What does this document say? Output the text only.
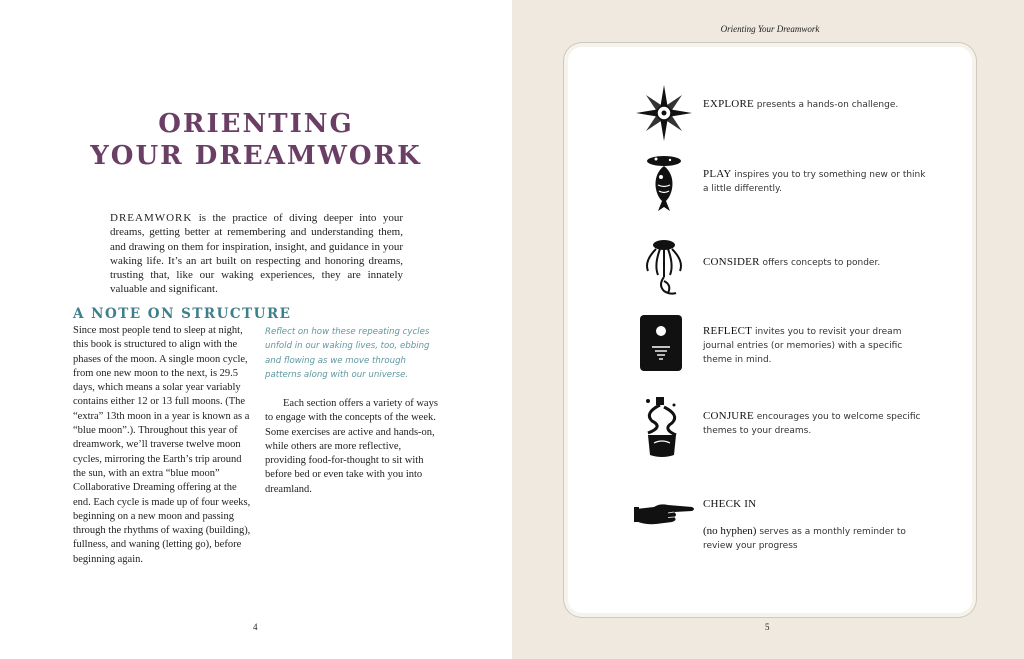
ORIENTING
YOUR DREAMWORK

DREAMWORK is the practice of diving deeper into your dreams, getting better at remembering and understanding them, and drawing on them for inspiration, insight, and guidance in your waking life. It’s an art built on respecting and honoring dreams, trusting that, like our waking experiences, they are innately valuable and significant.

A NOTE ON STRUCTURE

Since most people tend to sleep at night, this book is structured to align with the phases of the moon. A single moon cycle, from one new moon to the next, is 29.5 days, which means a solar year variably contains either 12 or 13 full moons. (The “extra” 13th moon in a year is known as a “blue moon”.). Throughout this year of dreamwork, we’ll traverse twelve moon cycles, mirroring the Earth’s trip around the sun, with an extra “blue moon” Collaborative Dreaming offering at the end. Each cycle is made up of four weeks, beginning on a new moon and passing through the rhythms of waxing (building), fullness, and waning (letting go), before beginning again.

Reflect on how these repeating cycles unfold in our waking lives, too, ebbing and flowing as we move through patterns along with our universe.

Each section offers a variety of ways to engage with the concepts of the week. Some exercises are active and hands-on, while others are more reflective, providing food-for-thought to sit with before bed or even take with you into dreamland.

4

Orienting Your Dreamwork

EXPLORE presents a hands-on challenge.
PLAY inspires you to try something new or think a little differently.
CONSIDER offers concepts to ponder.
REFLECT invites you to revisit your dream journal entries (or memories) with a specific theme in mind.
CONJURE encourages you to welcome specific themes to your dreams.
CHECK IN
(no hyphen) serves as a monthly reminder to review your progress

5
